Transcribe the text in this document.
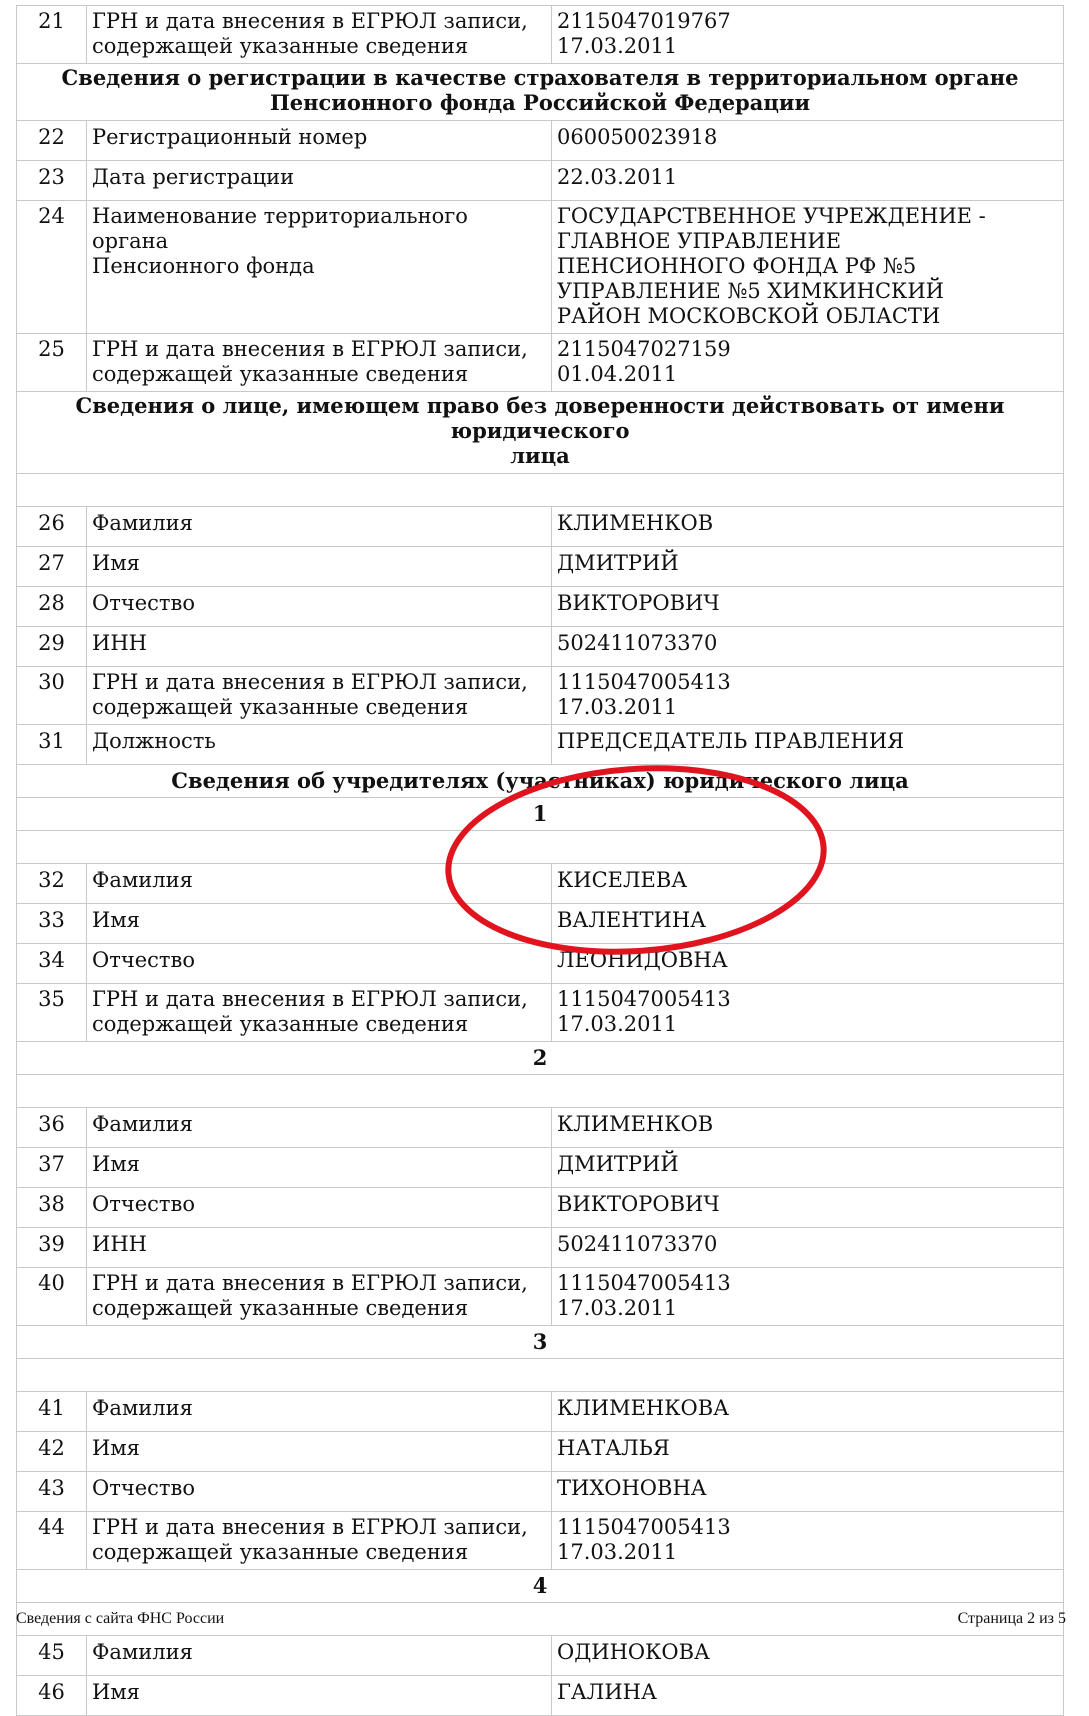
21	ГРН и дата внесения в ЕГРЮЛ записи,
содержащей указанные сведения	2115047019767
17.03.2011

Сведения о регистрации в качестве страхователя в территориальном органе
Пенсионного фонда Российской Федерации		

22	Регистрационный номер	060050023918

23	Дата регистрации	22.03.2011

24	Наименование территориального органа
Пенсионного фонда	ГОСУДАРСТВЕННОЕ УЧРЕЖДЕНИЕ -
ГЛАВНОЕ УПРАВЛЕНИЕ
ПЕНСИОННОГО ФОНДА РФ №5
УПРАВЛЕНИЕ №5 ХИМКИНСКИЙ
РАЙОН МОСКОВСКОЙ ОБЛАСТИ

25	ГРН и дата внесения в ЕГРЮЛ записи,
содержащей указанные сведения	2115047027159
01.04.2011

Сведения о лице, имеющем право без доверенности действовать от имени юридического
лица		

26	Фамилия	КЛИМЕНКОВ

27	Имя	ДМИТРИЙ

28	Отчество	ВИКТОРОВИЧ

29	ИНН	502411073370

30	ГРН и дата внесения в ЕГРЮЛ записи,
содержащей указанные сведения	1115047005413
17.03.2011

31	Должность	ПРЕДСЕДАТЕЛЬ ПРАВЛЕНИЯ

Сведения об учредителях (участниках) юридического лица		
1		

32	Фамилия	КИСЕЛЕВА

33	Имя	ВАЛЕНТИНА

34	Отчество	ЛЕОНИДОВНА

35	ГРН и дата внесения в ЕГРЮЛ записи,
содержащей указанные сведения	1115047005413
17.03.2011

2		

36	Фамилия	КЛИМЕНКОВ

37	Имя	ДМИТРИЙ

38	Отчество	ВИКТОРОВИЧ

39	ИНН	502411073370

40	ГРН и дата внесения в ЕГРЮЛ записи,
содержащей указанные сведения	1115047005413
17.03.2011

3		

41	Фамилия	КЛИМЕНКОВА

42	Имя	НАТАЛЬЯ

43	Отчество	ТИХОНОВНА

44	ГРН и дата внесения в ЕГРЮЛ записи,
содержащей указанные сведения	1115047005413
17.03.2011

4		

45	Фамилия	ОДИНОКОВА

46	Имя	ГАЛИНА
Сведения с сайта ФНС России	Страница 2 из 5
